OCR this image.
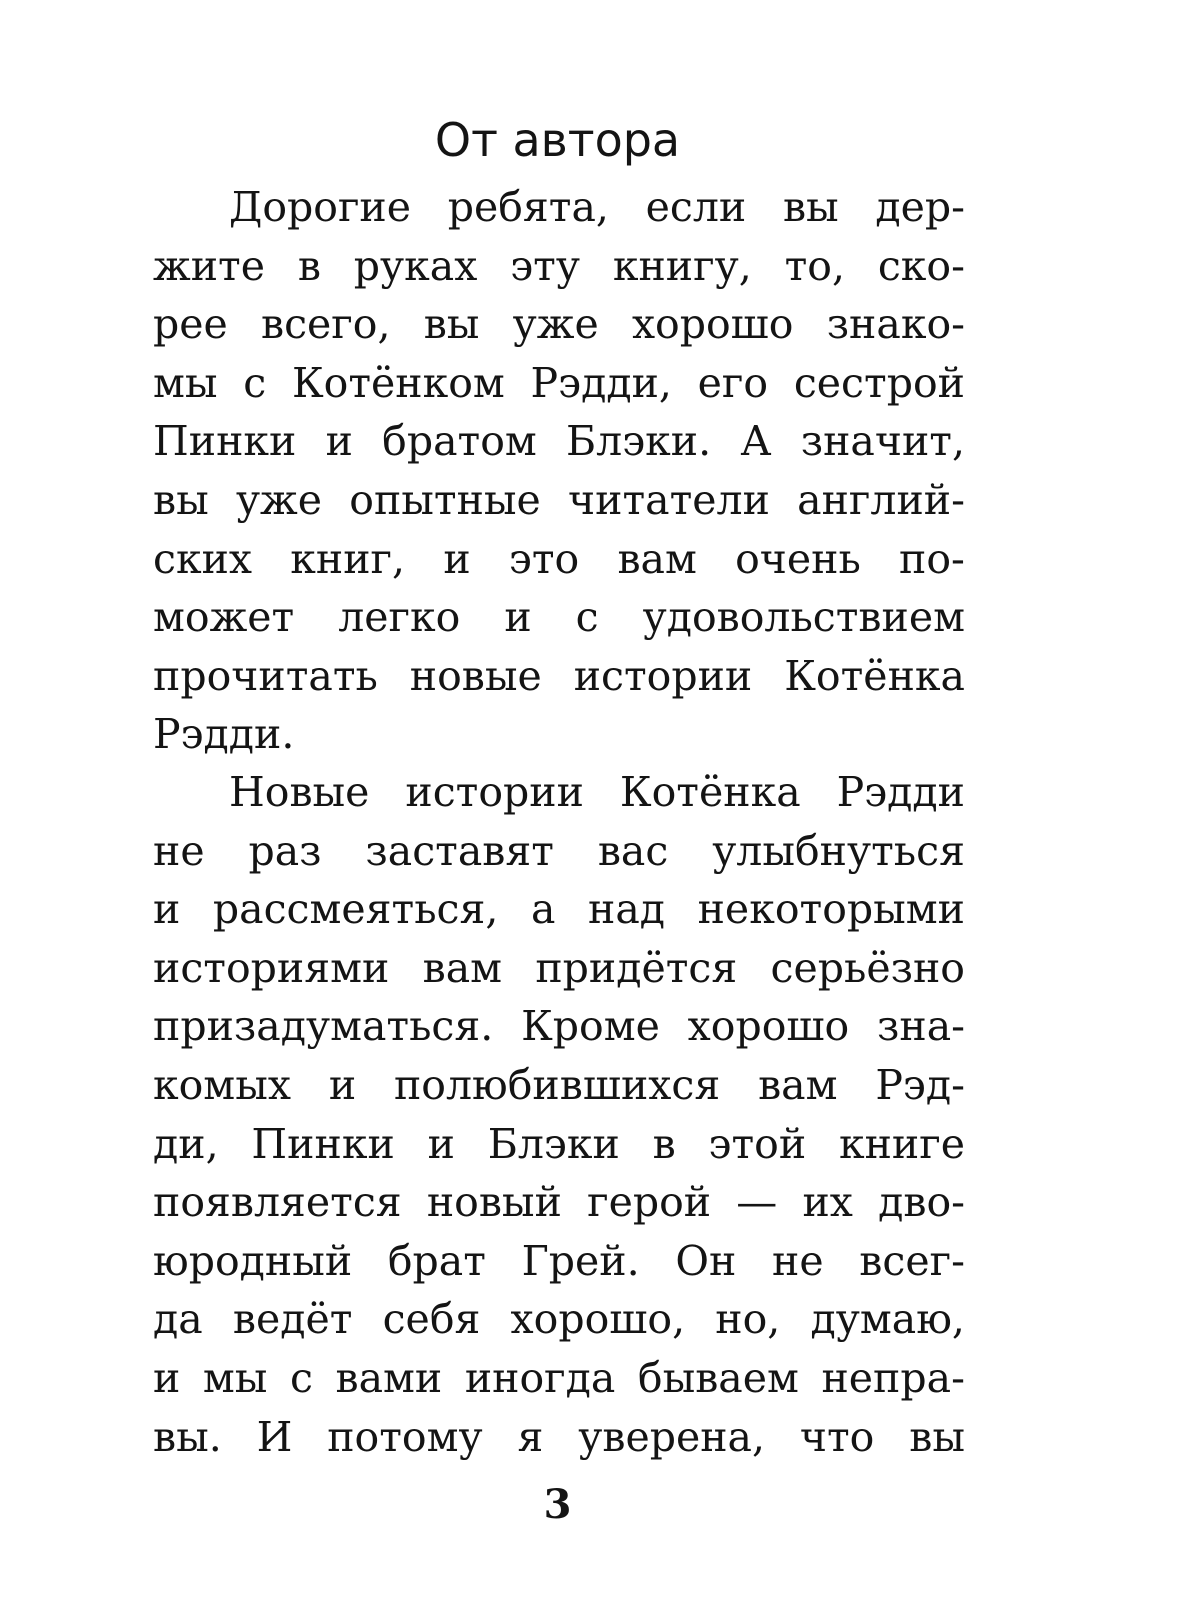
От автора
Дорогие ребята, если вы дер-
жите в руках эту книгу, то, ско-
рее всего, вы уже хорошо знако-
мы с Котёнком Рэдди, его сестрой
Пинки и братом Блэки. А значит,
вы уже опытные читатели англий-
ских книг, и это вам очень по-
может легко и с удовольствием
прочитать новые истории Котёнка
Рэдди.
Новые истории Котёнка Рэдди
не раз заставят вас улыбнуться
и рассмеяться, а над некоторыми
историями вам придётся серьёзно
призадуматься. Кроме хорошо зна-
комых и полюбившихся вам Рэд-
ди, Пинки и Блэки в этой книге
появляется новый герой — их дво-
юродный брат Грей. Он не всег-
да ведёт себя хорошо, но, думаю,
и мы с вами иногда бываем непра-
вы. И потому я уверена, что вы
3
